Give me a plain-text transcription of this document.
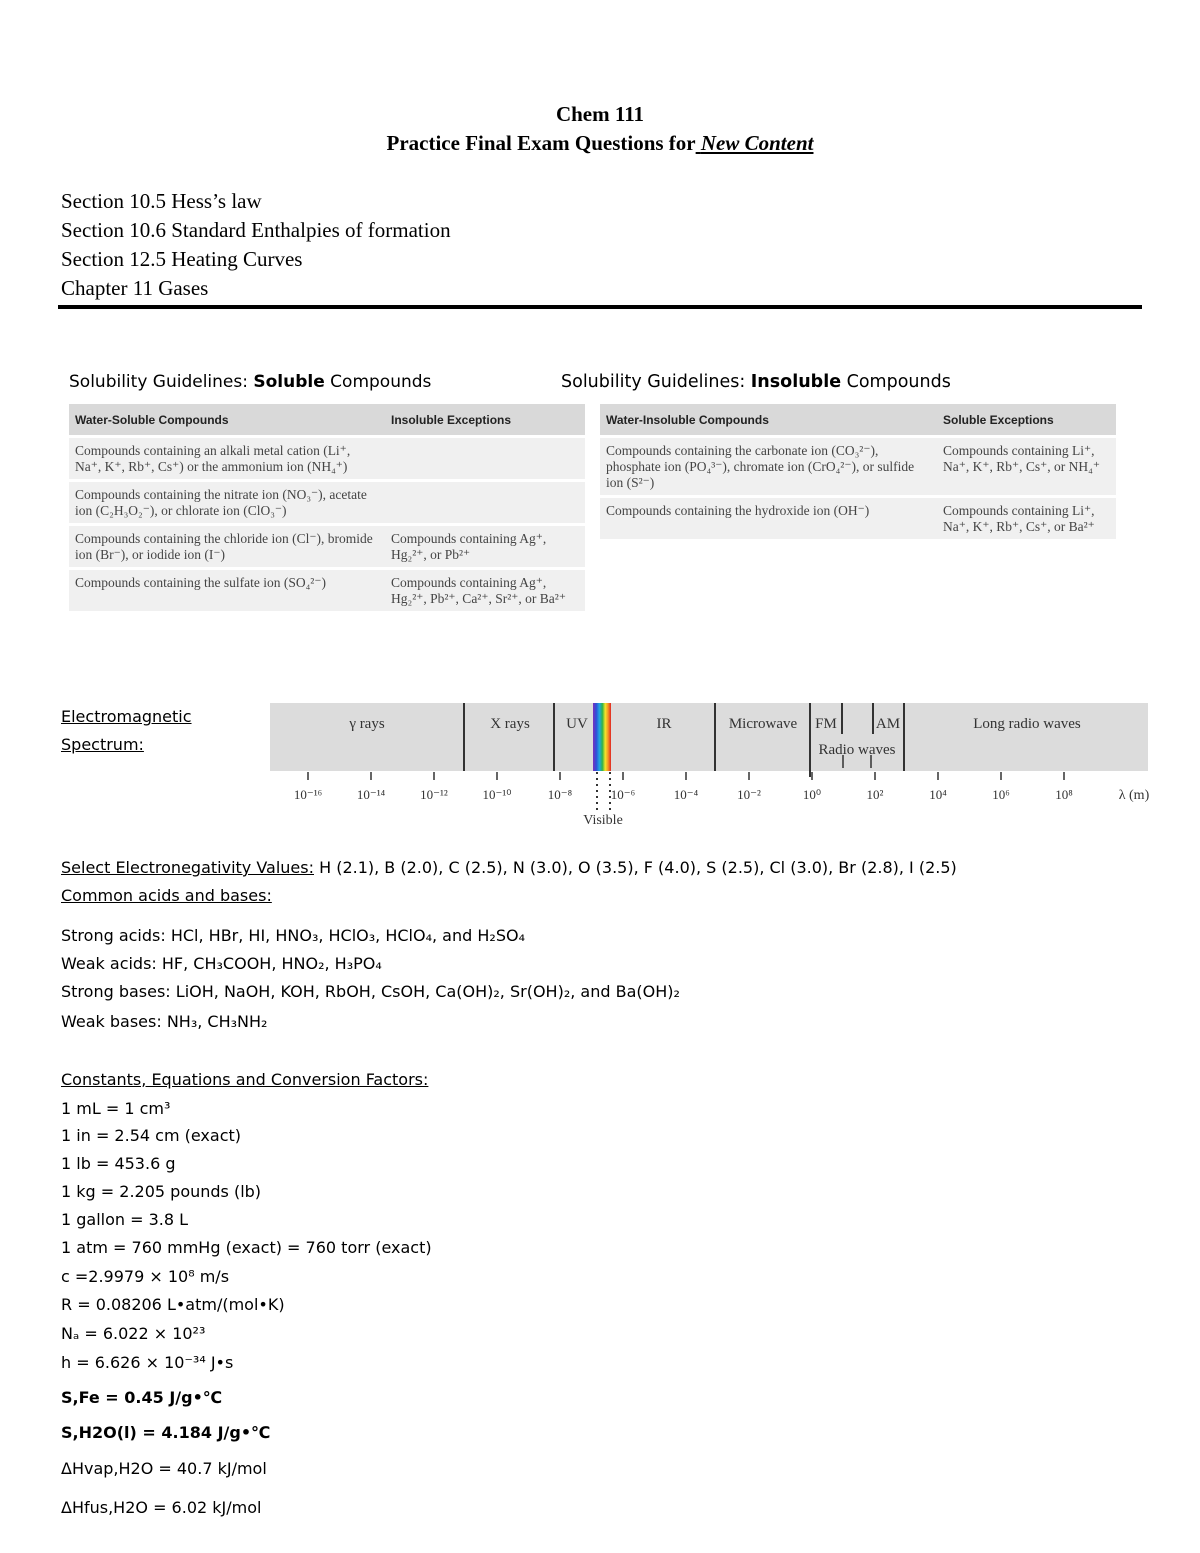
Chem 111
Practice Final Exam Questions for New Content
Section 10.5 Hess’s law
Section 10.6 Standard Enthalpies of formation
Section 12.5 Heating Curves
Chapter 11 Gases
Solubility Guidelines: Soluble Compounds	Solubility Guidelines: Insoluble Compounds
Water-Soluble Compounds	Insoluble Exceptions
Compounds containing an alkali metal cation (Li⁺, Na⁺, K⁺, Rb⁺, Cs⁺) or the ammonium ion (NH₄⁺)	
Compounds containing the nitrate ion (NO₃⁻), acetate ion (C₂H₃O₂⁻), or chlorate ion (ClO₃⁻)	
Compounds containing the chloride ion (Cl⁻), bromide ion (Br⁻), or iodide ion (I⁻)	Compounds containing Ag⁺, Hg₂²⁺, or Pb²⁺
Compounds containing the sulfate ion (SO₄²⁻)	Compounds containing Ag⁺, Hg₂²⁺, Pb²⁺, Ca²⁺, Sr²⁺, or Ba²⁺
Water-Insoluble Compounds	Soluble Exceptions
Compounds containing the carbonate ion (CO₃²⁻), phosphate ion (PO₄³⁻), chromate ion (CrO₄²⁻), or sulfide ion (S²⁻)	Compounds containing Li⁺, Na⁺, K⁺, Rb⁺, Cs⁺, or NH₄⁺
Compounds containing the hydroxide ion (OH⁻)	Compounds containing Li⁺, Na⁺, K⁺, Rb⁺, Cs⁺, or Ba²⁺
Electromagnetic
Spectrum:
γ rays	X rays UV	IR	Microwave FM	AM
Radio waves
Long radio waves
10⁻¹⁶	10⁻¹⁴	10⁻¹²	10⁻¹⁰	10⁻⁸	10⁻⁶	10⁻⁴	10⁻²	10⁰	10²	10⁴	10⁶	10⁸
Visible
λ (m)
Select Electronegativity Values: H (2.1), B (2.0), C (2.5), N (3.0), O (3.5), F (4.0), S (2.5), Cl (3.0), Br (2.8), I (2.5)
Common acids and bases:
Strong acids: HCl, HBr, HI, HNO₃, HClO₃, HClO₄, and H₂SO₄
Weak acids: HF, CH₃COOH, HNO₂, H₃PO₄
Strong bases: LiOH, NaOH, KOH, RbOH, CsOH, Ca(OH)₂, Sr(OH)₂, and Ba(OH)₂
Weak bases: NH₃, CH₃NH₂
Constants, Equations and Conversion Factors:
1 mL = 1 cm³
1 in = 2.54 cm (exact)
1 lb = 453.6 g
1 kg = 2.205 pounds (lb)
1 gallon = 3.8 L
1 atm = 760 mmHg (exact) = 760 torr (exact)
c =2.9979 × 10⁸ m/s
R = 0.08206 L•atm/(mol•K)
Nₐ = 6.022 × 10²³
h = 6.626 × 10⁻³⁴ J•s
S,Fe = 0.45 J/g•℃
S,H2O(l) = 4.184 J/g•℃
ΔHvap,H2O = 40.7 kJ/mol
ΔHfus,H2O = 6.02 kJ/mol
